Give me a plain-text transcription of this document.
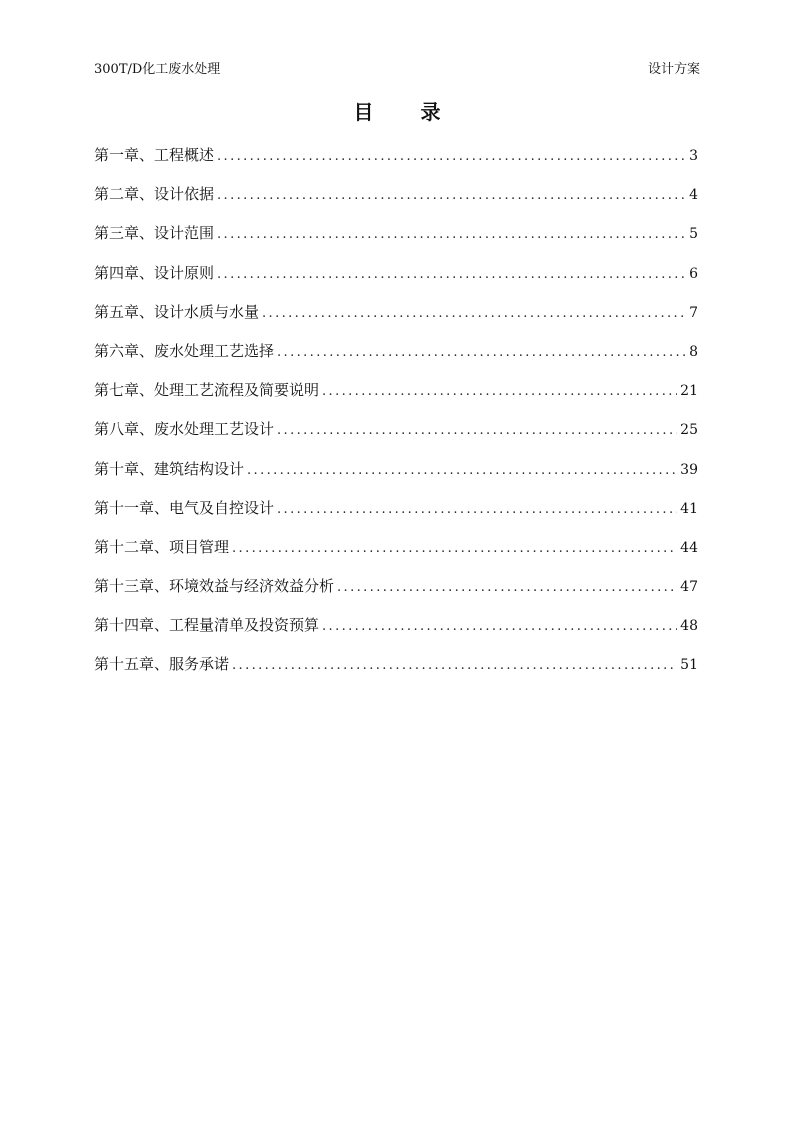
300T/D化工废水处理	设计方案
目 录
第一章、工程概述 .....	3
第二章、设计依据 .....	4
第三章、设计范围 .....	5
第四章、设计原则 .....	6
第五章、设计水质与水量 .....	7
第六章、废水处理工艺选择 .....	8
第七章、处理工艺流程及简要说明 .....	21
第八章、废水处理工艺设计 .....	25
第十章、建筑结构设计 .....	39
第十一章、电气及自控设计 .....	41
第十二章、项目管理 .....	44
第十三章、环境效益与经济效益分析 .....	47
第十四章、工程量清单及投资预算 .....	48
第十五章、服务承诺 .....	51
